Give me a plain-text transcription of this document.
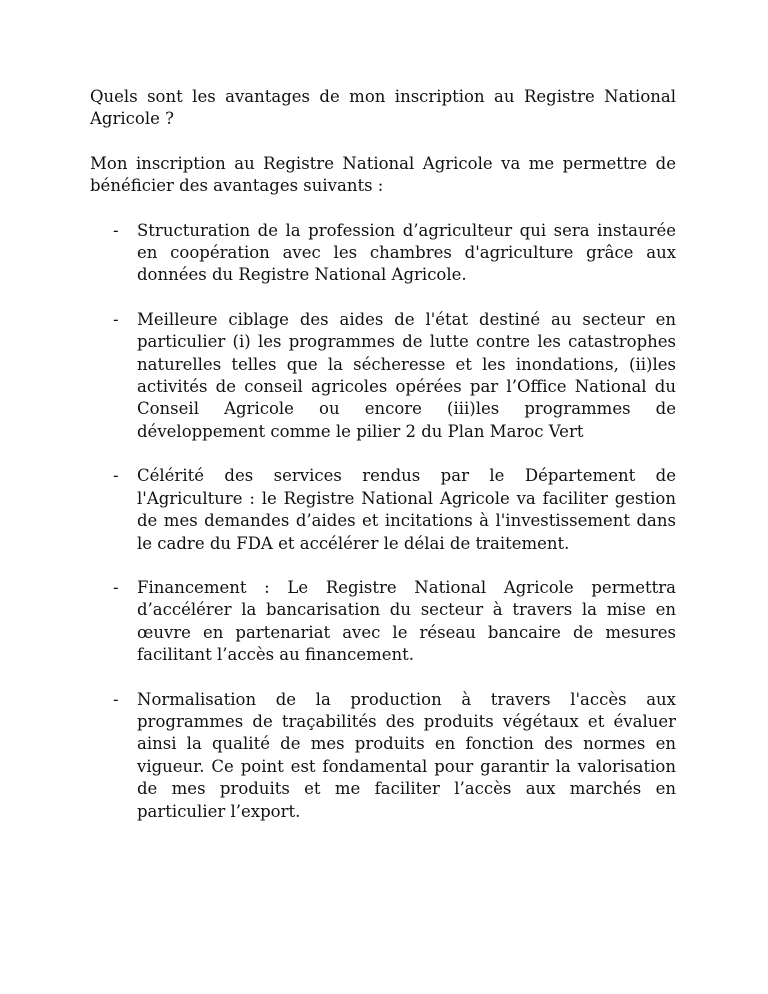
Quels sont les avantages de mon inscription au Registre National Agricole ?

Mon inscription au Registre National Agricole va me permettre de bénéficier des avantages suivants :

- Structuration de la profession d’agriculteur qui sera instaurée en coopération avec les chambres d'agriculture grâce aux données du Registre National Agricole.
- Meilleure ciblage des aides de l'état destiné au secteur en particulier (i) les programmes de lutte contre les catastrophes naturelles telles que la sécheresse et les inondations, (ii)les activités de conseil agricoles opérées par l’Office National du Conseil Agricole ou encore (iii)les programmes de développement comme le pilier 2 du Plan Maroc Vert
- Célérité des services rendus par le Département de l'Agriculture : le Registre National Agricole va faciliter gestion de mes demandes d’aides et incitations à l'investissement dans le cadre du FDA et accélérer le délai de traitement.
- Financement : Le Registre National Agricole permettra d’accélérer la bancarisation du secteur à travers la mise en œuvre en partenariat avec le réseau bancaire de mesures facilitant l’accès au financement.
- Normalisation de la production à travers l'accès aux programmes de traçabilités des produits végétaux et évaluer ainsi la qualité de mes produits en fonction des normes en vigueur. Ce point est fondamental pour garantir la valorisation de mes produits et me faciliter l’accès aux marchés en particulier l’export.
